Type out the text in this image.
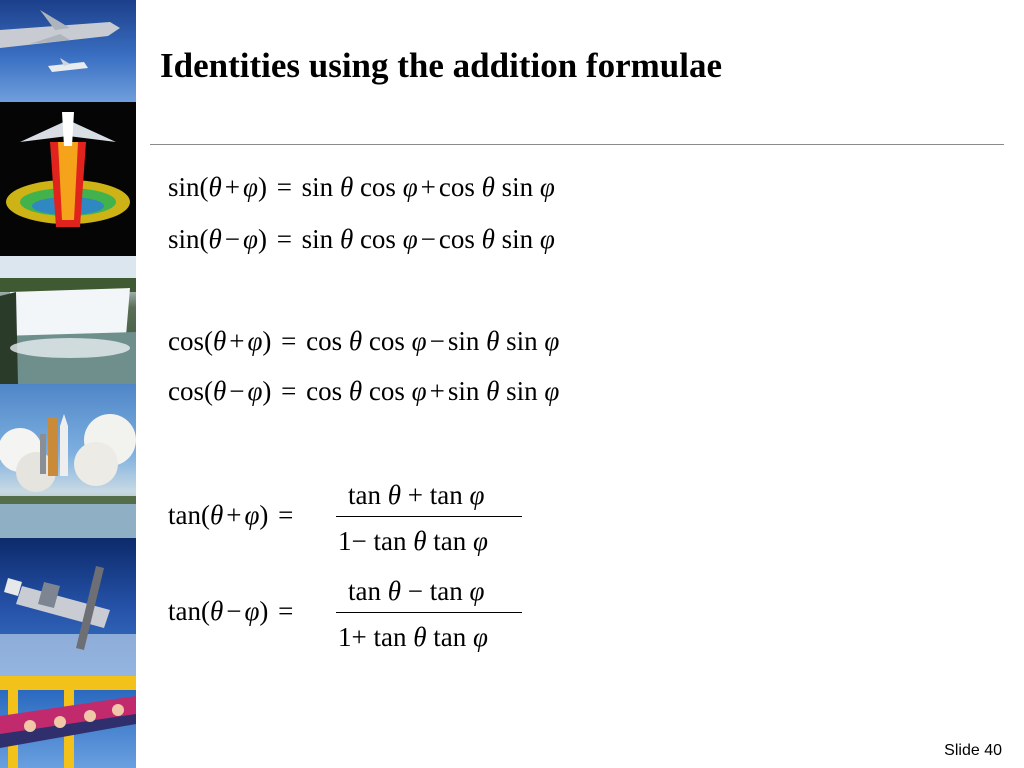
Identities using the addition formulae
sin(θ + φ) = sin θ cos φ + cos θ sin φ
sin(θ − φ) = sin θ cos φ − cos θ sin φ
cos(θ + φ) = cos θ cos φ − sin θ sin φ
cos(θ − φ) = cos θ cos φ + sin θ sin φ
tan θ + tan φ
tan(θ + φ) =
1− tan θ tan φ
tan θ − tan φ
tan(θ − φ) =
1+ tan θ tan φ
Slide 40
